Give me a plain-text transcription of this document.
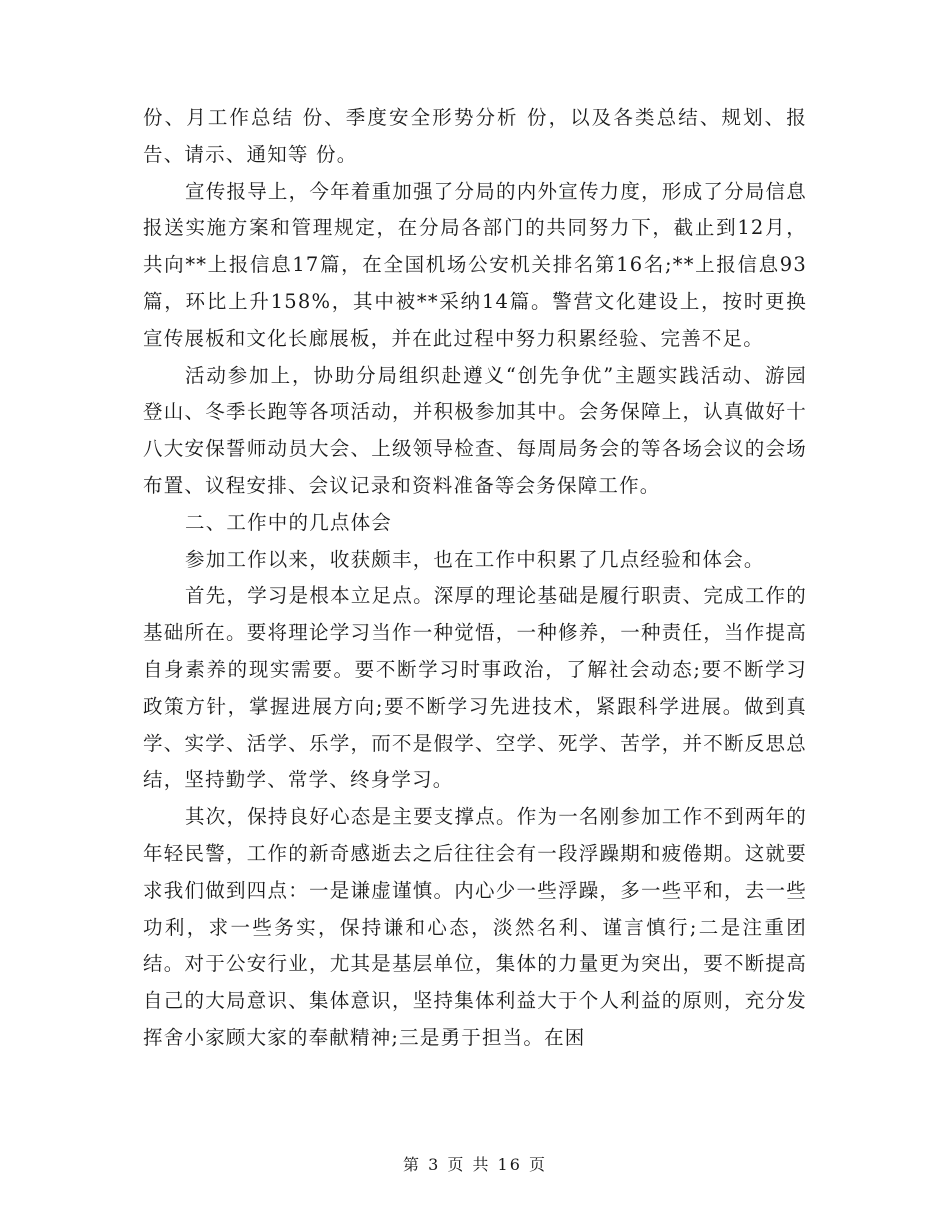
份、月工作总结 份、季度安全形势分析 份，以及各类总结、规划、报告、请示、通知等 份。

宣传报导上，今年着重加强了分局的内外宣传力度，形成了分局信息报送实施方案和管理规定，在分局各部门的共同努力下，截止到12月，共向**上报信息17篇，在全国机场公安机关排名第16名;**上报信息93篇，环比上升158%，其中被**采纳14篇。警营文化建设上，按时更换宣传展板和文化长廊展板，并在此过程中努力积累经验、完善不足。

活动参加上，协助分局组织赴遵义“创先争优”主题实践活动、游园登山、冬季长跑等各项活动，并积极参加其中。会务保障上，认真做好十八大安保誓师动员大会、上级领导检查、每周局务会的等各场会议的会场布置、议程安排、会议记录和资料准备等会务保障工作。

二、工作中的几点体会

参加工作以来，收获颇丰，也在工作中积累了几点经验和体会。

首先，学习是根本立足点。深厚的理论基础是履行职责、完成工作的基础所在。要将理论学习当作一种觉悟，一种修养，一种责任，当作提高自身素养的现实需要。要不断学习时事政治，了解社会动态;要不断学习政策方针，掌握进展方向;要不断学习先进技术，紧跟科学进展。做到真学、实学、活学、乐学，而不是假学、空学、死学、苦学，并不断反思总结，坚持勤学、常学、终身学习。

其次，保持良好心态是主要支撑点。作为一名刚参加工作不到两年的年轻民警，工作的新奇感逝去之后往往会有一段浮躁期和疲倦期。这就要求我们做到四点：一是谦虚谨慎。内心少一些浮躁，多一些平和，去一些功利，求一些务实，保持谦和心态，淡然名利、谨言慎行;二是注重团结。对于公安行业，尤其是基层单位，集体的力量更为突出，要不断提高自己的大局意识、集体意识，坚持集体利益大于个人利益的原则，充分发挥舍小家顾大家的奉献精神;三是勇于担当。在困

第 3 页 共 16 页
